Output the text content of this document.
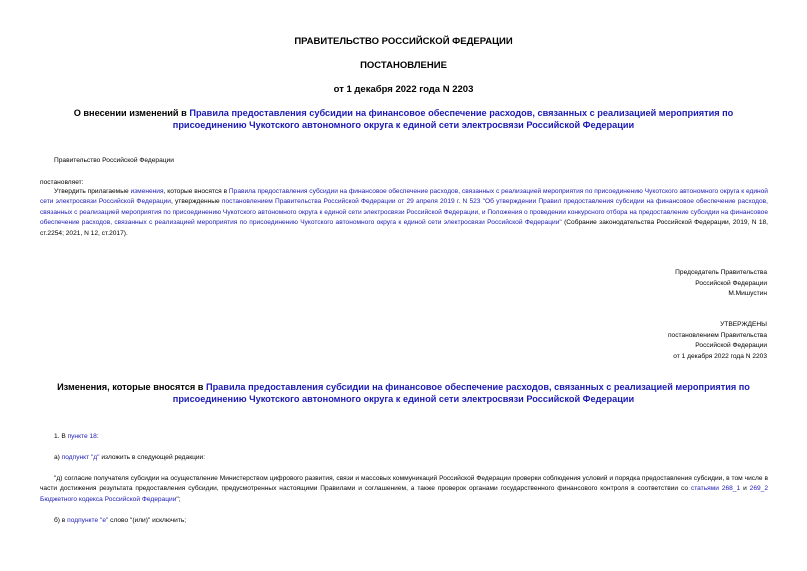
ПРАВИТЕЛЬСТВО РОССИЙСКОЙ ФЕДЕРАЦИИ
ПОСТАНОВЛЕНИЕ
от 1 декабря 2022 года N 2203
О внесении изменений в Правила предоставления субсидии на финансовое обеспечение расходов, связанных с реализацией мероприятия по присоединению Чукотского автономного округа к единой сети электросвязи Российской Федерации
Правительство Российской Федерации
постановляет:
Утвердить прилагаемые изменения, которые вносятся в Правила предоставления субсидии на финансовое обеспечение расходов, связанных с реализацией мероприятия по присоединению Чукотского автономного округа к единой сети электросвязи Российской Федерации, утвержденные постановлением Правительства Российской Федерации от 29 апреля 2019 г. N 523 "Об утверждении Правил предоставления субсидии на финансовое обеспечение расходов, связанных с реализацией мероприятия по присоединению Чукотского автономного округа к единой сети электросвязи Российской Федерации, и Положения о проведении конкурсного отбора на предоставление субсидии на финансовое обеспечение расходов, связанных с реализацией мероприятия по присоединению Чукотского автономного округа к единой сети электросвязи Российской Федерации" (Собрание законодательства Российской Федерации, 2019, N 18, ст.2254; 2021, N 12, ст.2017).
Председатель Правительства
Российской Федерации
М.Мишустин
УТВЕРЖДЕНЫ
постановлением Правительства
Российской Федерации
от 1 декабря 2022 года N 2203
Изменения, которые вносятся в Правила предоставления субсидии на финансовое обеспечение расходов, связанных с реализацией мероприятия по присоединению Чукотского автономного округа к единой сети электросвязи Российской Федерации
1. В пункте 18:
а) подпункт "д" изложить в следующей редакции:
"д) согласие получателя субсидии на осуществление Министерством цифрового развития, связи и массовых коммуникаций Российской Федерации проверки соблюдения условий и порядка предоставления субсидии, в том числе в части достижения результата предоставления субсидии, предусмотренных настоящими Правилами и соглашением, а также проверок органами государственного финансового контроля в соответствии со статьями 268_1 и 269_2 Бюджетного кодекса Российской Федерации";
б) в подпункте "е" слово "(или)" исключить;
